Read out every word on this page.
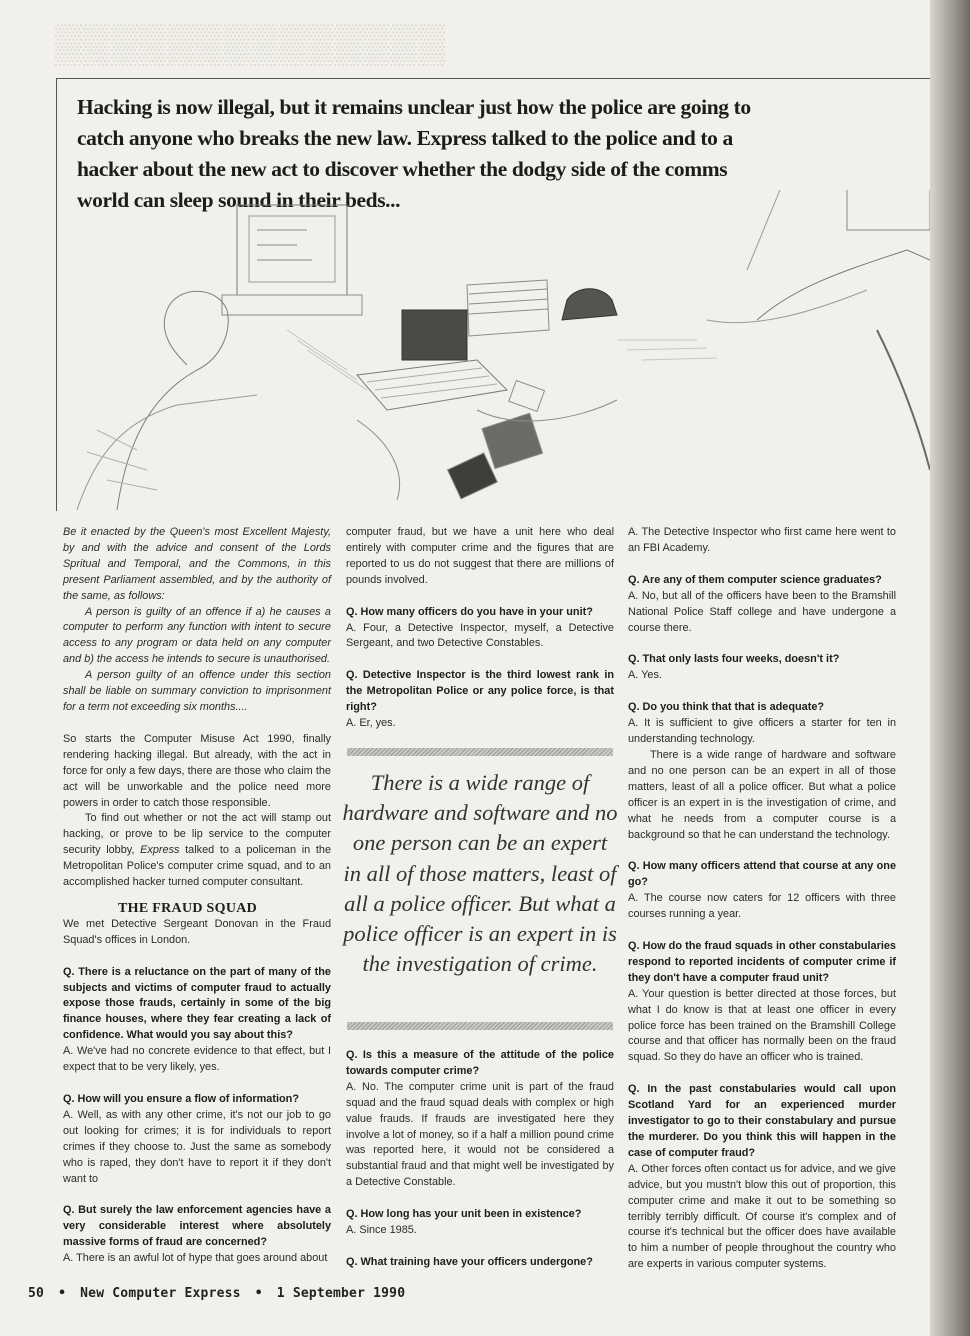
▒▒▒▒▒▒▒▒▒▒▒▒▒▒

Hacking is now illegal, but it remains unclear just how the police are going to catch anyone who breaks the new law. Express talked to the police and to a hacker about the new act to discover whether the dodgy side of the comms world can sleep sound in their beds...

Be it enacted by the Queen's most Excellent Majesty, by and with the advice and consent of the Lords Spritual and Temporal, and the Commons, in this present Parliament assembled, and by the authority of the same, as follows:

A person is guilty of an offence if a) he causes a computer to perform any function with intent to secure access to any program or data held on any computer and b) the access he intends to secure is unauthorised.

A person guilty of an offence under this section shall be liable on summary conviction to imprisonment for a term not exceeding six months....

So starts the Computer Misuse Act 1990, finally rendering hacking illegal. But already, with the act in force for only a few days, there are those who claim the act will be unworkable and the police need more powers in order to catch those responsible.

To find out whether or not the act will stamp out hacking, or prove to be lip service to the computer security lobby, Express talked to a policeman in the Metropolitan Police's computer crime squad, and to an accomplished hacker turned computer consultant.

THE FRAUD SQUAD

We met Detective Sergeant Donovan in the Fraud Squad's offices in London.

Q. There is a reluctance on the part of many of the subjects and victims of computer fraud to actually expose those frauds, certainly in some of the big finance houses, where they fear creating a lack of confidence. What would you say about this?

A. We've had no concrete evidence to that effect, but I expect that to be very likely, yes.

Q. How will you ensure a flow of information?

A. Well, as with any other crime, it's not our job to go out looking for crimes; it is for individuals to report crimes if they choose to. Just the same as somebody who is raped, they don't have to report it if they don't want to

Q. But surely the law enforcement agencies have a very considerable interest where absolutely massive forms of fraud are concerned?

A. There is an awful lot of hype that goes around about

computer fraud, but we have a unit here who deal entirely with computer crime and the figures that are reported to us do not suggest that there are millions of pounds involved.

Q. How many officers do you have in your unit?

A. Four, a Detective Inspector, myself, a Detective Sergeant, and two Detective Constables.

Q. Detective Inspector is the third lowest rank in the Metropolitan Police or any police force, is that right?

A. Er, yes.

There is a wide range of hardware and software and no one person can be an expert in all of those matters, least of all a police officer. But what a police officer is an expert in is the investigation of crime.

Q. Is this a measure of the attitude of the police towards computer crime?

A. No. The computer crime unit is part of the fraud squad and the fraud squad deals with complex or high value frauds. If frauds are investigated here they involve a lot of money, so if a half a million pound crime was reported here, it would not be considered a substantial fraud and that might well be investigated by a Detective Constable.

Q. How long has your unit been in existence?

A. Since 1985.

Q. What training have your officers undergone?

A. The Detective Inspector who first came here went to an FBI Academy.

Q. Are any of them computer science graduates?

A. No, but all of the officers have been to the Bramshill National Police Staff college and have undergone a course there.

Q. That only lasts four weeks, doesn't it?

A. Yes.

Q. Do you think that that is adequate?

A. It is sufficient to give officers a starter for ten in understanding technology.

There is a wide range of hardware and software and no one person can be an expert in all of those matters, least of all a police officer. But what a police officer is an expert in is the investigation of crime, and what he needs from a computer course is a background so that he can understand the technology.

Q. How many officers attend that course at any one go?

A. The course now caters for 12 officers with three courses running a year.

Q. How do the fraud squads in other constabularies respond to reported incidents of computer crime if they don't have a computer fraud unit?

A. Your question is better directed at those forces, but what I do know is that at least one officer in every police force has been trained on the Bramshill College course and that officer has normally been on the fraud squad. So they do have an officer who is trained.

Q. In the past constabularies would call upon Scotland Yard for an experienced murder investigator to go to their constabulary and pursue the murderer. Do you think this will happen in the case of computer fraud?

A. Other forces often contact us for advice, and we give advice, but you mustn't blow this out of proportion, this computer crime and make it out to be something so terribly terribly difficult. Of course it's complex and of course it's technical but the officer does have available to him a number of people throughout the country who are experts in various computer systems.

50 • New Computer Express • 1 September 1990
